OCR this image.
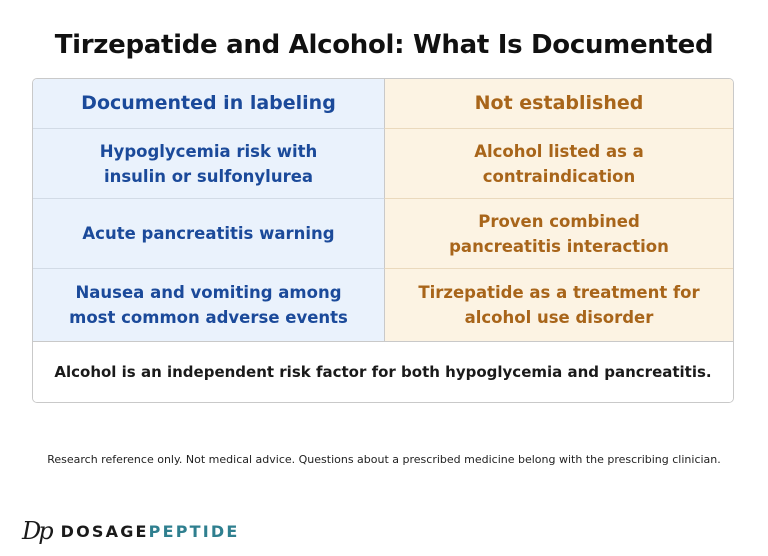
Tirzepatide and Alcohol: What Is Documented
Documented in labeling	Not established
Hypoglycemia risk with
insulin or sulfonylurea
Alcohol listed as a
contraindication
Acute pancreatitis warning
Proven combined
pancreatitis interaction
Nausea and vomiting among
most common adverse events
Tirzepatide as a treatment for
alcohol use disorder
Alcohol is an independent risk factor for both hypoglycemia and pancreatitis.
Research reference only. Not medical advice. Questions about a prescribed medicine belong with the prescribing clinician.
Dp DOSAGEPEPTIDE
